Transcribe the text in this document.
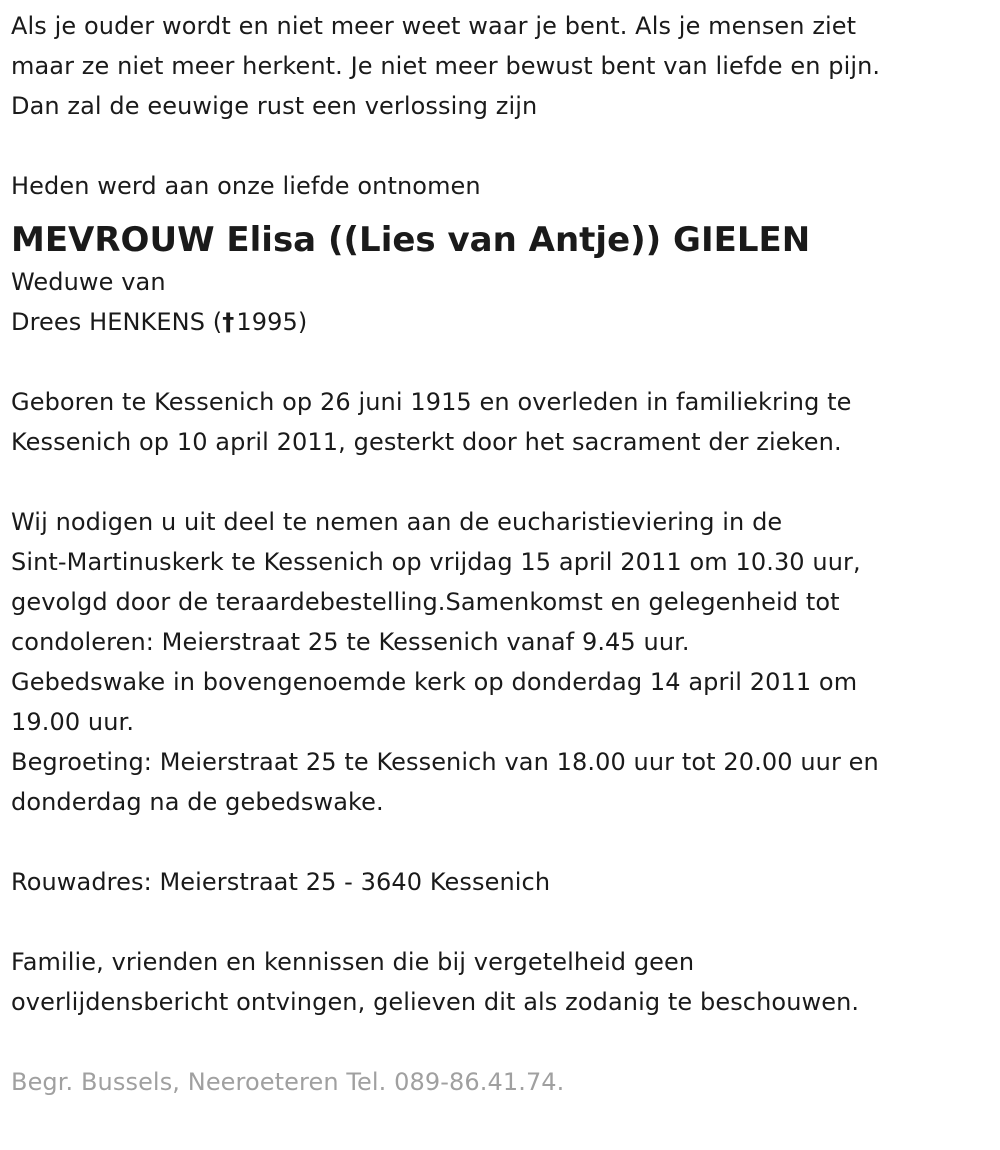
Als je ouder wordt en niet meer weet waar je bent. Als je mensen ziet
maar ze niet meer herkent. Je niet meer bewust bent van liefde en pijn.
Dan zal de eeuwige rust een verlossing zijn
Heden werd aan onze liefde ontnomen
MEVROUW Elisa ((Lies van Antje)) GIELEN
Weduwe van
Drees HENKENS (†1995)
Geboren te Kessenich op 26 juni 1915 en overleden in familiekring te
Kessenich op 10 april 2011, gesterkt door het sacrament der zieken.
Wij nodigen u uit deel te nemen aan de eucharistieviering in de
Sint-Martinuskerk te Kessenich op vrijdag 15 april 2011 om 10.30 uur,
gevolgd door de teraardebestelling.Samenkomst en gelegenheid tot
condoleren: Meierstraat 25 te Kessenich vanaf 9.45 uur.
Gebedswake in bovengenoemde kerk op donderdag 14 april 2011 om
19.00 uur.
Begroeting: Meierstraat 25 te Kessenich van 18.00 uur tot 20.00 uur en
donderdag na de gebedswake.
Rouwadres: Meierstraat 25 - 3640 Kessenich
Familie, vrienden en kennissen die bij vergetelheid geen
overlijdensbericht ontvingen, gelieven dit als zodanig te beschouwen.
Begr. Bussels, Neeroeteren Tel. 089-86.41.74.
